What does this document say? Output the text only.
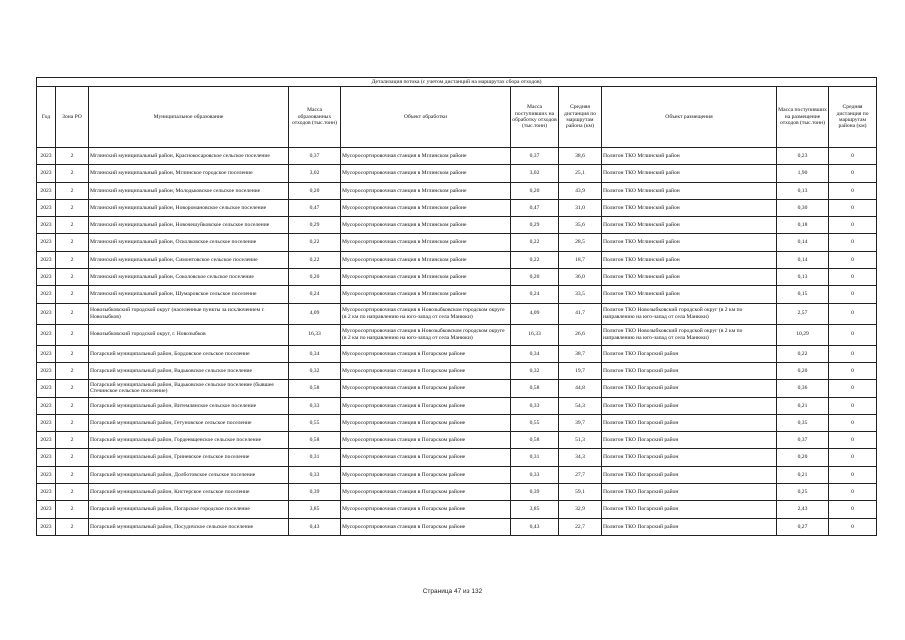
Детализация потока (с учетом дистанций на маршрутах сбора отходов)									
Год	Зона РО	Муниципальное образование	Масса образованных отходов (тыс.тонн)	Объект обработки	Масса поступивших на обработку отходов (тыс.тонн)	Средняя дистанция по маршрутам района (км)	Объект размещения	Масса поступивших на размещение отходов (тыс.тонн)	Средняя дистанция по маршрутам района (км)
2023	2	Мглинский муниципальный район, Краснокосаровское сельское поселение	0,37	Мусоросортировочная станция в Мглинском районе	0,37	38,6	Полигон ТКО Мглинский район	0,23	0
2023	2	Мглинский муниципальный район, Мглинское городское поселение	3,02	Мусоросортировочная станция в Мглинском районе	3,02	25,1	Полигон ТКО Мглинский район	1,90	0
2023	2	Мглинский муниципальный район, Молодьковское сельское поселение	0,20	Мусоросортировочная станция в Мглинском районе	0,20	43,9	Полигон ТКО Мглинский район	0,13	0
2023	2	Мглинский муниципальный район, Новоромановское сельское поселение	0,47	Мусоросортировочная станция в Мглинском районе	0,47	31,0	Полигон ТКО Мглинский район	0,30	0
2023	2	Мглинский муниципальный район, Новочешуйковское сельское поселение	0,29	Мусоросортировочная станция в Мглинском районе	0,29	35,6	Полигон ТКО Мглинский район	0,18	0
2023	2	Мглинский муниципальный район, Осколковское сельское поселение	0,22	Мусоросортировочная станция в Мглинском районе	0,22	28,5	Полигон ТКО Мглинский район	0,14	0
2023	2	Мглинский муниципальный район, Симонтовское сельское поселение	0,22	Мусоросортировочная станция в Мглинском районе	0,22	18,7	Полигон ТКО Мглинский район	0,14	0
2023	2	Мглинский муниципальный район, Соколовское сельское поселение	0,20	Мусоросортировочная станция в Мглинском районе	0,20	36,0	Полигон ТКО Мглинский район	0,13	0
2023	2	Мглинский муниципальный район, Шумаровское сельское поселение	0,24	Мусоросортировочная станция в Мглинском районе	0,24	33,5	Полигон ТКО Мглинский район	0,15	0
2023	2	Новозыбковский городской округ (населенные пункты за исключением г. Новозыбков)	4,09	Мусоросортировочная станция в Новозыбковском городском округе (в 2 км по направлению на юго-запад от села Манюки)	4,09	41,7	Полигон ТКО Новозыбковский городской округ (в 2 км по направлению на юго-запад от села Манюки)	2,57	0
2023	2	Новозыбковский городской округ, г. Новозыбков	16,33	Мусоросортировочная станция в Новозыбковском городском округе (в 2 км по направлению на юго-запад от села Манюки)	16,33	26,6	Полигон ТКО Новозыбковский городской округ (в 2 км по направлению на юго-запад от села Манюки)	10,29	0
2023	2	Погарский муниципальный район, Бордовское сельское поселение	0,34	Мусоросортировочная станция в Погарском районе	0,34	38,7	Полигон ТКО Погарский район	0,22	0
2023	2	Погарский муниципальный район, Вадьковское сельское поселение	0,32	Мусоросортировочная станция в Погарском районе	0,32	19,7	Полигон ТКО Погарский район	0,20	0
2023	2	Погарский муниципальный район, Вадьковское сельское поселение (бывшее Стечинское сельское поселение)	0,58	Мусоросортировочная станция в Погарском районе	0,58	44,8	Полигон ТКО Погарский район	0,36	0
2023	2	Погарский муниципальный район, Витемлянское сельское поселение	0,33	Мусоросортировочная станция в Погарском районе	0,33	54,3	Полигон ТКО Погарский район	0,21	0
2023	2	Погарский муниципальный район, Гетуновское сельское поселение	0,55	Мусоросортировочная станция в Погарском районе	0,55	39,7	Полигон ТКО Погарский район	0,35	0
2023	2	Погарский муниципальный район, Гордеевщенское сельское поселение	0,58	Мусоросортировочная станция в Погарском районе	0,58	51,3	Полигон ТКО Погарский район	0,37	0
2023	2	Погарский муниципальный район, Гриневское сельское поселение	0,31	Мусоросортировочная станция в Погарском районе	0,31	34,3	Полигон ТКО Погарский район	0,20	0
2023	2	Погарский муниципальный район, Долботовское сельское поселение	0,33	Мусоросортировочная станция в Погарском районе	0,33	27,7	Полигон ТКО Погарский район	0,21	0
2023	2	Погарский муниципальный район, Кистерское сельское поселение	0,39	Мусоросортировочная станция в Погарском районе	0,39	59,1	Полигон ТКО Погарский район	0,25	0
2023	2	Погарский муниципальный район, Погарское городское поселение	3,85	Мусоросортировочная станция в Погарском районе	3,85	32,9	Полигон ТКО Погарский район	2,43	0
2023	2	Погарский муниципальный район, Посудичское сельское поселение	0,43	Мусоросортировочная станция в Погарском районе	0,43	22,7	Полигон ТКО Погарский район	0,27	0
Страница 47 из 132
